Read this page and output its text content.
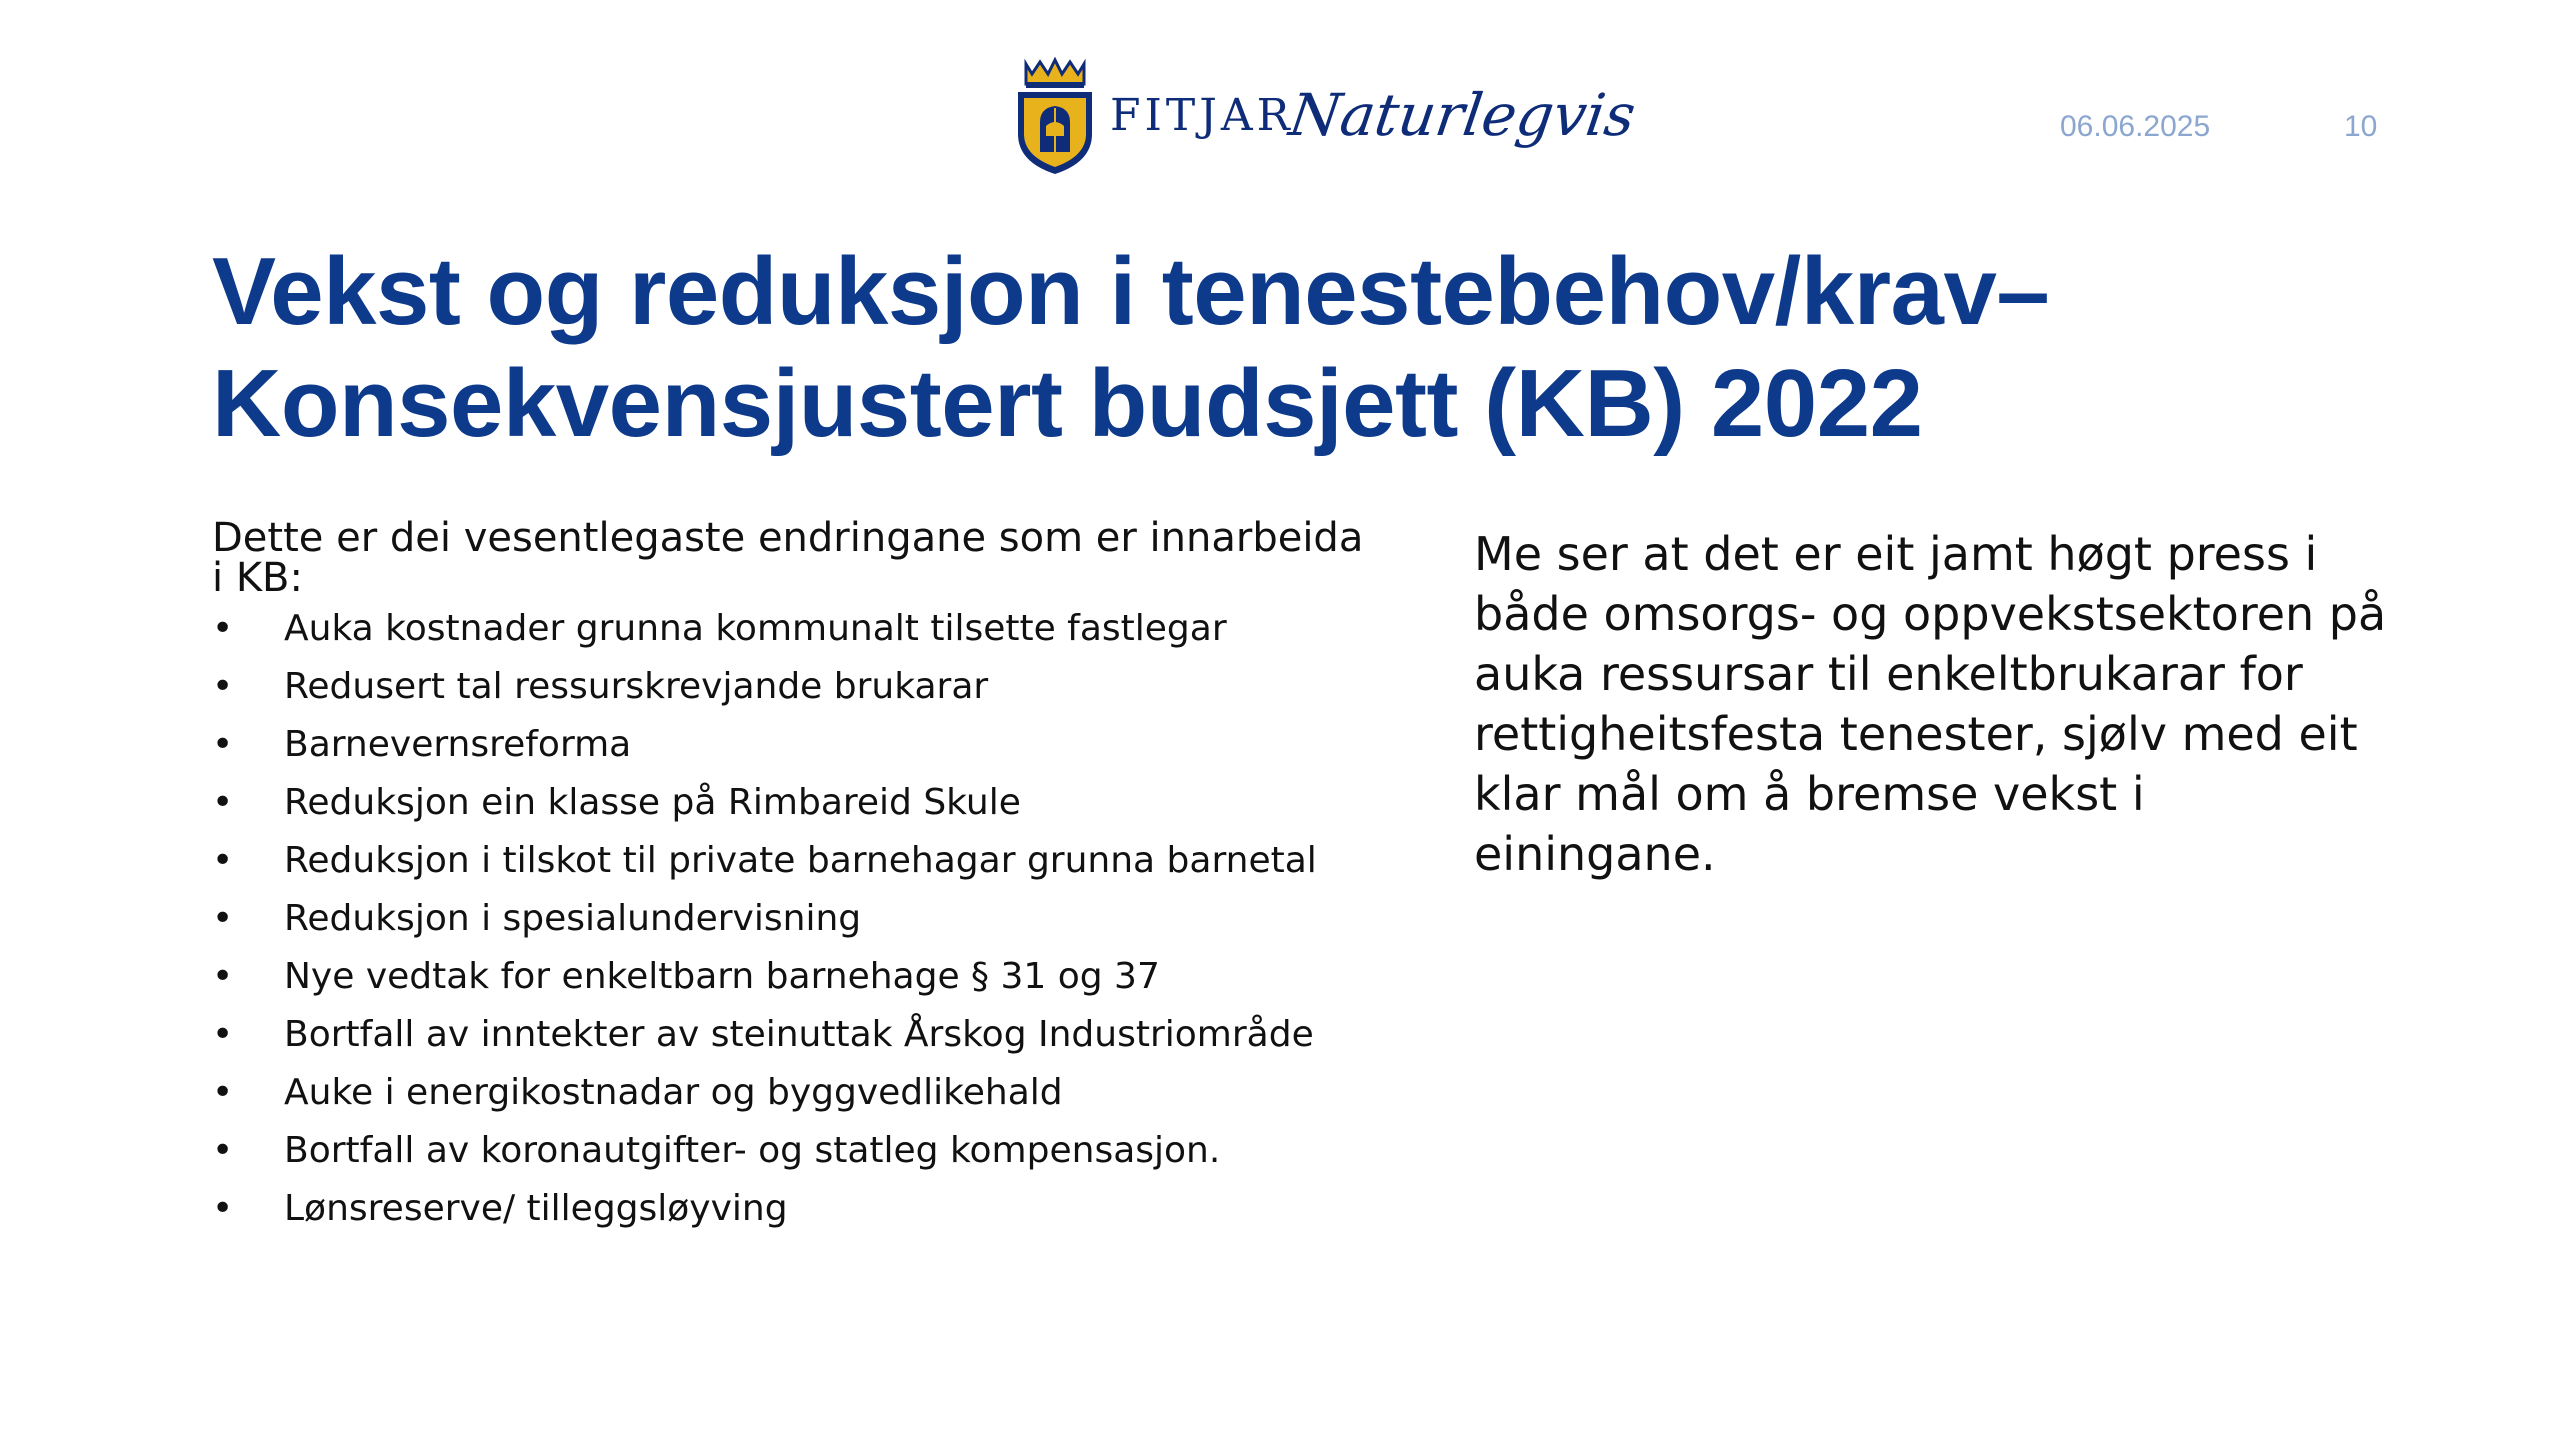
FITJAR
Naturlegvis	06.06.2025	10
Vekst og reduksjon i tenestebehov/krav–
Konsekvensjustert budsjett (KB) 2022

Dette er dei vesentlegaste endringane som er innarbeida i KB:

• Auka kostnader grunna kommunalt tilsette fastlegar
• Redusert tal ressurskrevjande brukarar
• Barnevernsreforma
• Reduksjon ein klasse på Rimbareid Skule
• Reduksjon i tilskot til private barnehagar grunna barnetal
• Reduksjon i spesialundervisning
• Nye vedtak for enkeltbarn barnehage § 31 og 37
• Bortfall av inntekter av steinuttak Årskog Industriområde
• Auke i energikostnadar og byggvedlikehald
• Bortfall av koronautgifter- og statleg kompensasjon.
• Lønsreserve/ tilleggsløyving

Me ser at det er eit jamt høgt press i både omsorgs- og oppvekstsektoren på auka ressursar til enkeltbrukarar for rettigheitsfesta tenester, sjølv med eit klar mål om å bremse vekst i einingane.
